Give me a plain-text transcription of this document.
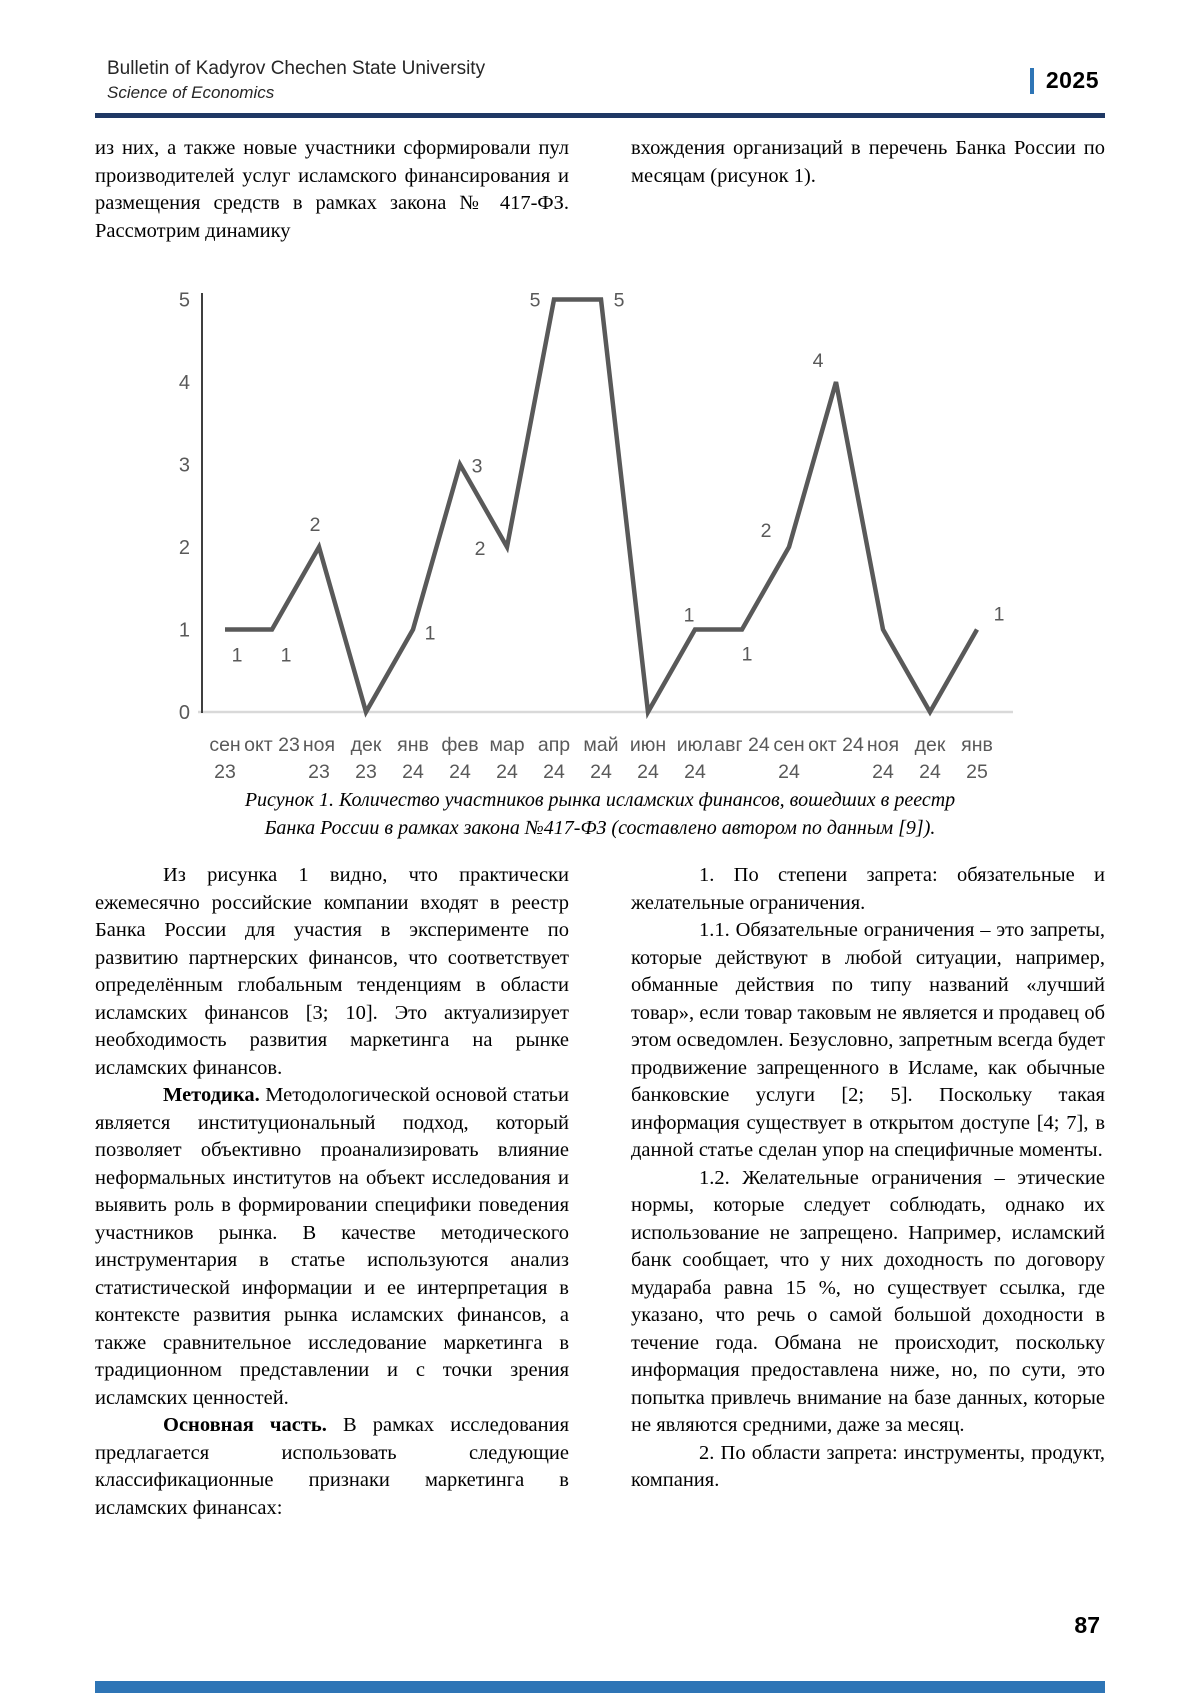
Bulletin of Kadyrov Chechen State University
Science of Economics	2025

из них, а также новые участники сформировали пул производителей услуг исламского финансирования и размещения средств в рамках закона № 417-ФЗ. Рассмотрим динамику

вхождения организаций в перечень Банка России по месяцам (рисунок 1).

0
1
2
3
4
5
1 1
2
1
3
2
5	5
1
1
2
4
1
сен
23
окт 23 ноя
23
дек
23
янв
24
фев
24
мар
24
апр
24
май
24
июн
24
июл
24
авг 24 сен
24
окт 24 ноя
24
дек
24
янв
25
Рисунок 1. Количество участников рынка исламских финансов, вошедших в реестр
Банка России в рамках закона №417-ФЗ (составлено автором по данным [9]).

Из рисунка 1 видно, что практически ежемесячно российские компании входят в реестр Банка России для участия в эксперименте по развитию партнерских финансов, что соответствует определённым глобальным тенденциям в области исламских финансов [3; 10]. Это актуализирует необходимость развития маркетинга на рынке исламских финансов.

Методика. Методологической основой статьи является институциональный подход, который позволяет объективно проанализировать влияние неформальных институтов на объект исследования и выявить роль в формировании специфики поведения участников рынка. В качестве методического инструментария в статье используются анализ статистической информации и ее интерпретация в контексте развития рынка исламских финансов, а также сравнительное исследование маркетинга в традиционном представлении и с точки зрения исламских ценностей.

Основная часть. В рамках исследования предлагается использовать следующие классификационные признаки маркетинга в исламских финансах:

1. По степени запрета: обязательные и желательные ограничения.

1.1. Обязательные ограничения – это запреты, которые действуют в любой ситуации, например, обманные действия по типу названий «лучший товар», если товар таковым не является и продавец об этом осведомлен. Безусловно, запретным всегда будет продвижение запрещенного в Исламе, как обычные банковские услуги [2; 5]. Поскольку такая информация существует в открытом доступе [4; 7], в данной статье сделан упор на специфичные моменты.

1.2. Желательные ограничения – этические нормы, которые следует соблюдать, однако их использование не запрещено. Например, исламский банк сообщает, что у них доходность по договору мудараба равна 15 %, но существует ссылка, где указано, что речь о самой большой доходности в течение года. Обмана не происходит, поскольку информация предоставлена ниже, но, по сути, это попытка привлечь внимание на базе данных, которые не являются средними, даже за месяц.

2. По области запрета: инструменты, продукт, компания.

87
